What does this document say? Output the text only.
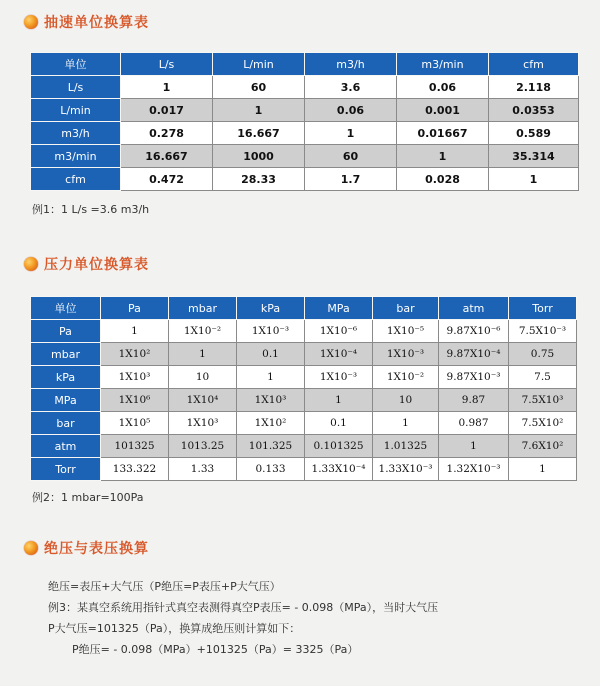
抽速单位换算表
单位	L/s	L/min	m3/h	m3/min	cfm
L/s	1	60	3.6	0.06	2.118
L/min	0.017	1	0.06	0.001	0.0353
m3/h	0.278	16.667	1	0.01667	0.589
m3/min	16.667	1000	60	1	35.314
cfm	0.472	28.33	1.7	0.028	1
例1：1 L/s =3.6 m3/h
压力单位换算表
单位	Pa	mbar	kPa	MPa	bar	atm	Torr
Pa	1	1X10⁻²	1X10⁻³	1X10⁻⁶	1X10⁻⁵	9.87X10⁻⁶	7.5X10⁻³
mbar	1X10²	1	0.1	1X10⁻⁴	1X10⁻³	9.87X10⁻⁴	0.75
kPa	1X10³	10	1	1X10⁻³	1X10⁻²	9.87X10⁻³	7.5
MPa	1X10⁶	1X10⁴	1X10³	1	10	9.87	7.5X10³
bar	1X10⁵	1X10³	1X10²	0.1	1	0.987	7.5X10²
atm	101325	1013.25	101.325	0.101325	1.01325	1	7.6X10²
Torr	133.322	1.33	0.133	1.33X10⁻⁴	1.33X10⁻³	1.32X10⁻³	1
例2：1 mbar=100Pa
绝压与表压换算
绝压=表压+大气压（P绝压=P表压+P大气压）
例3：某真空系统用指针式真空表测得真空P表压= - 0.098（MPa），当时大气压
P大气压=101325（Pa），换算成绝压则计算如下：
P绝压= - 0.098（MPa）+101325（Pa）= 3325（Pa）
